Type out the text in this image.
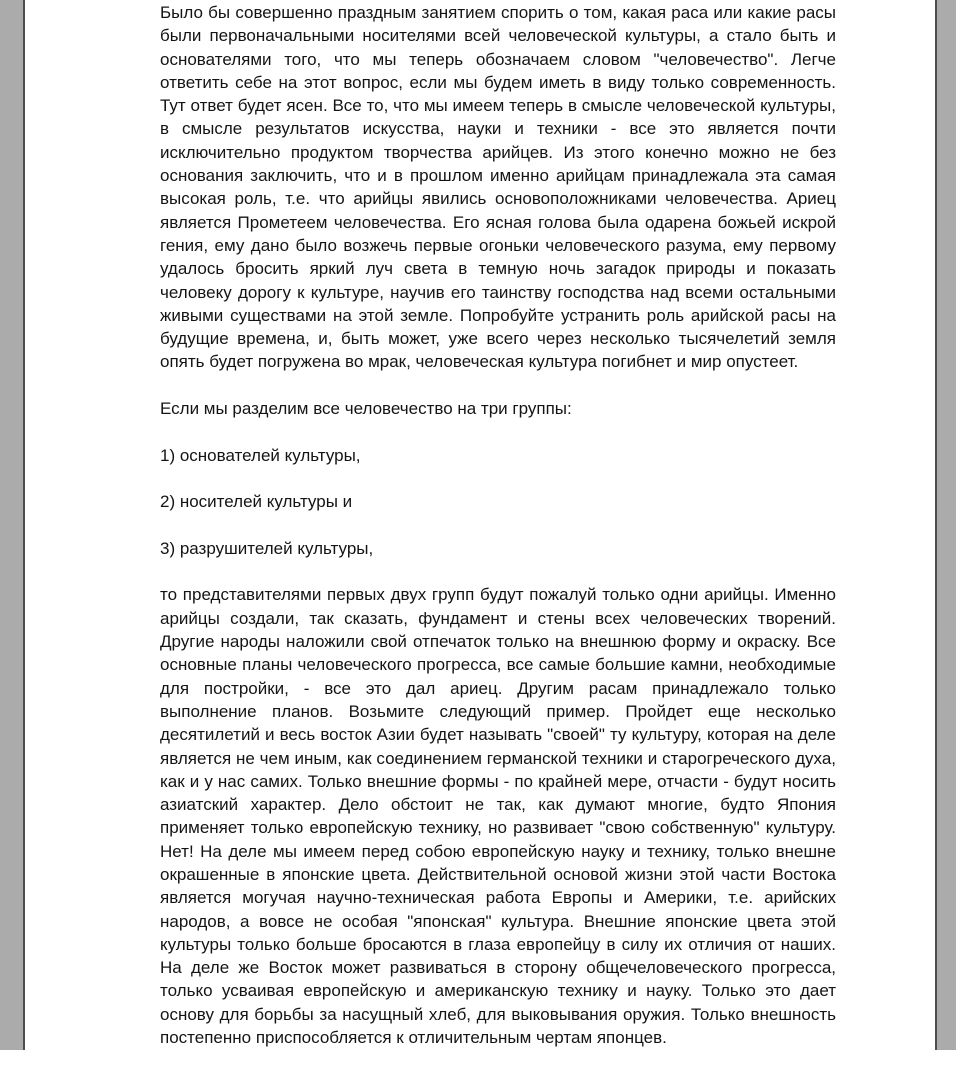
Было бы совершенно праздным занятием спорить о том, какая раса или какие расы были первоначальными носителями всей человеческой культуры, а стало быть и основателями того, что мы теперь обозначаем словом "человечество". Легче ответить себе на этот вопрос, если мы будем иметь в виду только современность. Тут ответ будет ясен. Все то, что мы имеем теперь в смысле человеческой культуры, в смысле результатов искусства, науки и техники - все это является почти исключительно продуктом творчества арийцев. Из этого конечно можно не без основания заключить, что и в прошлом именно арийцам принадлежала эта самая высокая роль, т.е. что арийцы явились основоположниками человечества. Ариец является Прометеем человечества. Его ясная голова была одарена божьей искрой гения, ему дано было возжечь первые огоньки человеческого разума, ему первому удалось бросить яркий луч света в темную ночь загадок природы и показать человеку дорогу к культуре, научив его таинству господства над всеми остальными живыми существами на этой земле. Попробуйте устранить роль арийской расы на будущие времена, и, быть может, уже всего через несколько тысячелетий земля опять будет погружена во мрак, человеческая культура погибнет и мир опустеет.

Если мы разделим все человечество на три группы:

1) основателей культуры,

2) носителей культуры и

3) разрушителей культуры,

то представителями первых двух групп будут пожалуй только одни арийцы. Именно арийцы создали, так сказать, фундамент и стены всех человеческих творений. Другие народы наложили свой отпечаток только на внешнюю форму и окраску. Все основные планы человеческого прогресса, все самые большие камни, необходимые для постройки, - все это дал ариец. Другим расам принадлежало только выполнение планов. Возьмите следующий пример. Пройдет еще несколько десятилетий и весь восток Азии будет называть "своей" ту культуру, которая на деле является не чем иным, как соединением германской техники и старогреческого духа, как и у нас самих. Только внешние формы - по крайней мере, отчасти - будут носить азиатский характер. Дело обстоит не так, как думают многие, будто Япония применяет только европейскую технику, но развивает "свою собственную" культуру. Нет! На деле мы имеем перед собою европейскую науку и технику, только внешне окрашенные в японские цвета. Действительной основой жизни этой части Востока является могучая научно-техническая работа Европы и Америки, т.е. арийских народов, а вовсе не особая "японская" культура. Внешние японские цвета этой культуры только больше бросаются в глаза европейцу в силу их отличия от наших. На деле же Восток может развиваться в сторону общечеловеческого прогресса, только усваивая европейскую и американскую технику и науку. Только это дает основу для борьбы за насущный хлеб, для выковывания оружия. Только внешность постепенно приспособляется к отличительным чертам японцев.
